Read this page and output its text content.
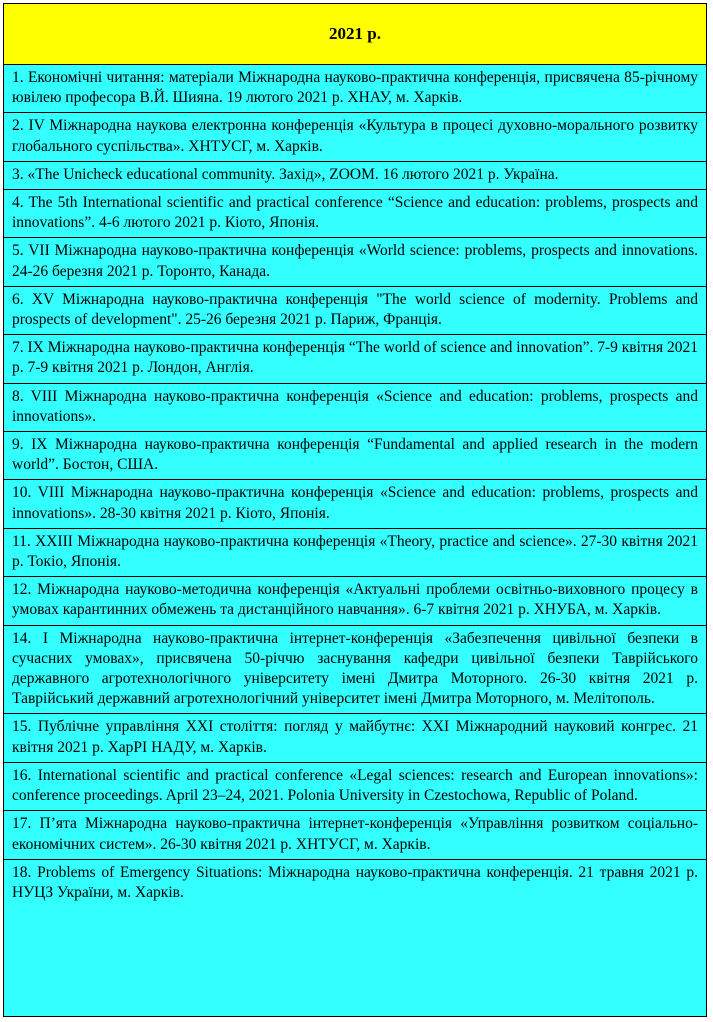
2021 р.
1. Економічні читання: матеріали Міжнародна науково-практична конференція, присвячена 85-річному ювілею професора В.Й. Шияна. 19 лютого 2021 р. ХНАУ, м. Харків.
2. IV Міжнародна наукова електронна конференція «Культура в процесі духовно-морального розвитку глобального суспільства». ХНТУСГ, м. Харків.
3. «The Unicheck educational community. Захід», ZOOM. 16 лютого 2021 р. Україна.
4. The 5th International scientific and practical conference “Science and education: problems, prospects and innovations”. 4-6 лютого 2021 р. Кіото, Японія.
5. VII Міжнародна науково-практична конференція «World science: problems, prospects and innovations. 24-26 березня 2021 р. Торонто, Канада.
6. XV Міжнародна науково-практична конференція "The world science of modernity. Problems and prospects of development". 25-26 березня 2021 р. Париж, Франція.
7. IX Міжнародна науково-практична конференція “The world of science and innovation”. 7-9 квітня 2021 р. 7-9 квітня 2021 р. Лондон, Англія.
8. VIII Міжнародна науково-практична конференція «Science and education: problems, prospects and innovations».
9. IX Міжнародна науково-практична конференція “Fundamental and applied research in the modern world”. Бостон, США.
10. VIII Міжнародна науково-практична конференція «Science and education: problems, prospects and innovations». 28-30 квітня 2021 р. Кіото, Японія.
11. XXIII Міжнародна науково-практична конференція «Theory, practice and science». 27-30 квітня 2021 р. Токіо, Японія.
12. Міжнародна науково-методична конференція «Актуальні проблеми освітньо-виховного процесу в умовах карантинних обмежень та дистанційного навчання». 6-7 квітня 2021 р. ХНУБА, м. Харків.
14. I Міжнародна науково-практична інтернет-конференція «Забезпечення цивільної безпеки в сучасних умовах», присвячена 50-річчю заснування кафедри цивільної безпеки Таврійського державного агротехнологічного університету імені Дмитра Моторного. 26-30 квітня 2021 р. Таврійський державний агротехнологічний університет імені Дмитра Моторного, м. Мелітополь.
15. Публічне управління XXI століття: погляд у майбутнє: XXI Міжнародний науковий конгрес. 21 квітня 2021 р. ХарРІ НАДУ, м. Харків.
16. International scientific and practical conference «Legal sciences: research and European innovations»: conference proceedings. April 23–24, 2021. Polonia University in Czestochowa, Republic of Poland.
17. П’ята Міжнародна науково-практична інтернет-конференція «Управління розвитком соціально-економічних систем». 26-30 квітня 2021 р. ХНТУСГ, м. Харків.
18. Problems of Emergency Situations: Міжнародна науково-практична конференція. 21 травня 2021 р. НУЦЗ України, м. Харків.
